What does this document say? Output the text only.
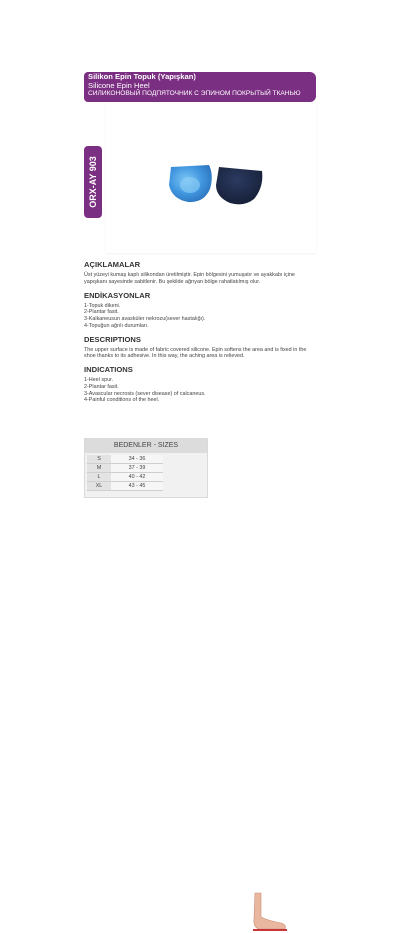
Silikon Epin Topuk (Yapışkan)
Silicone Epin Heel
СИЛИКОНОВЫЙ ПОДПЯТОЧНИК С ЭПИНОМ ПОКРЫТЫЙ ТКАНЬЮ
ORX-AY 903

AÇIKLAMALAR

Üst yüzeyi kumaş kaplı silikondan üretilmiştir. Epin bölgesini yumuşatır ve ayakkabı içine yapışkanı sayesinde sabitlenir. Bu şekilde ağrıyan bölge rahatlatılmış olur.

ENDİKASYONLAR

1-Topuk dikeni.
2-Plantar fasit.
3-Kalkaneusun avasküler nekrozu(sever hastalığı).
4-Topuğun ağrılı durumları.

DESCRIPTIONS

The upper surface is made of fabric covered silicone. Epin softens the area and is fixed in the shoe thanks to its adhesive. In this way, the aching area is relieved.

INDICATIONS

1-Heel spur.
2-Plantar fasit.
3-Avascular necrosis (sever disease) of calcaneus.
4-Painful conditions of the heel.
BEDENLER - SIZES
S	34 - 36
M	37 - 39
L	40 - 42
XL	43 - 45
